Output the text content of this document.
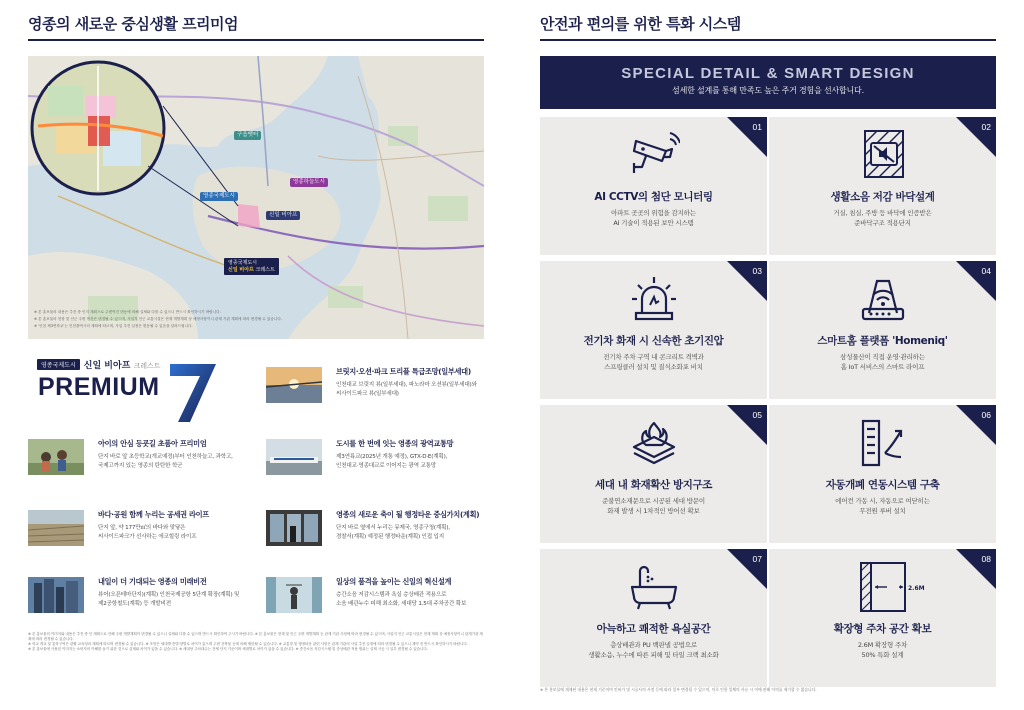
영종의 새로운 중심생활 프리미엄
구읍뱃터
영종하늘도시
영종국제도시
신일 비아프
영종국제도시
신일 비아프 크레스트
※ 본 홍보물의 내용은 추진 중 인지 계획으로 주변여건 변동에 의해 실제와 다를 수 있으니 반드시 확인하시기 바랍니다.
※ 본 홍보물의 현장 및 인근 주변 여건은 변경될 수 있으며, 사업지 인근 교통시설은 현재 개발계획 상 예정사항이니 관계 기관 계획에 따라 변경될 수 있습니다.
※ '인천 제3연륙교'는 인천광역시의 계획에 따르며, 사업 추진 일정은 변동될 수 있음을 알려드립니다.
영종국제도시 신일 비아프 크레스트
PREMIUM
브릿지·오션·파크 트리플 특급조망(일부세대)
인천대교 브릿지 뷰(일부세대), 파노라마 오션뷰(일부세대)와
씨사이드파크 뷰(일부세대)
아이의 안심 등굣길 초품아 프리미엄
단지 바로 앞 초등학교(개교예정)부터 인천하늘고, 과학고,
국제고까지 있는 영종의 탄탄한 학군
도시를 한 번에 잇는 영종의 광역교통망
제3연륙교(2025년 개통 예정), GTX-D·E(계획),
인천대교·영종대교로 이어지는 광역 교통망
바다·공원 함께 누리는 공세권 라이프
단지 앞, 약 177만㎡의 바다와 맞닿은
씨사이드파크가 선사하는 에코힐링 라이프
영종의 새로운 축이 될 행정타운 중심가치(계획)
단지 바로 옆에서 누리는 뮤제국, 영종구청(계획),
경찰서(계획) 예정된 행정타운(계획) 인접 입지
내일이 더 기대되는 영종의 미래비전
뷰어(오픈테마단지)(계획) 인천국제공항 5단계 확장(계획) 및
제2공항철도(계획) 등 개발비전
일상의 품격을 높이는 신일의 혁신설계
층간소음 저감시스템과 욕실 층상배관 적용으로
소음 배관누수 피해 최소화, 세대당 1.5대 주차공간 확보
※ 본 홍보물의 이미지와 내용은 추진 중 인 계획으로 인해 주변 개발계획이 변경될 수 있으니 실제와 다를 수 있으며 반드시 확인하여 주시기 바랍니다. ※ 본 홍보물은 현재 및 인근 주변 개발계획 등 관계 기관 사정에 따라 변경될 수 있으며, 사업지 인근 교통시설은 현재 계획 상 예정사항이니 관계기관 계획에 따라 변경될 수 있습니다.
※ 학교 개교 및 통학구역은 관할 교육청의 계획에 따르며 변경될 수 있습니다. ※ 조망은 세대별·층별·향별로 차이가 있으며 주변 건축물 등에 의해 제한될 수 있습니다. ※ 교통망 및 행정타운 관련 사항은 관계 기관의 사업 추진 일정에 따라 변경될 수 있으니 계약 전 반드시 확인하시기 바랍니다.
※ 본 홍보물에 사용된 이미지는 소비자의 이해를 돕기 위한 것으로 실제와 차이가 있을 수 있습니다. ※ 세대당 주차대수는 전체 단지 기준이며 세대별로 차이가 있을 수 있습니다. ※ 층간소음 저감시스템 및 층상배관 적용 범위는 실제 시공 시 일부 변경될 수 있습니다.
안전과 편의를 위한 특화 시스템
SPECIAL DETAIL & SMART DESIGN
섬세한 설계를 통해 만족도 높은 주거 경험을 선사합니다.
01
AI CCTV의 첨단 모니터링
아파트 곳곳의 위험을 감지하는
AI 기술이 적용된 보안 시스템
02
생활소음 저감 바닥설계
거실, 침실, 주방 등 바닥에 인증받은
준바닥구조 적용단지
03
전기차 화재 시 신속한 초기진압
전기차 주차 구역 내 콘크리트 격벽과
스프링클러 설치 및 질식소화포 비치
04
스마트홈 플랫폼 'Homeniq'
삼성물산이 직접 운영·관리하는
홈 IoT 서비스의 스마트 라이프
05
세대 내 화재확산 방지구조
준불연소재문으로 시공된 세대 방문이
화재 발생 시 1차적인 방어선 확보
06
자동개폐 연동시스템 구축
에어컨 가동 시, 자동으로 여닫히는
무전원 루버 설치
07
아늑하고 쾌적한 욕실공간
층상배관과 PU 백판넬 공법으로
생활소음, 누수에 따른 피해 및 타일 크랙 최소화
08
2.6M
확장형 주차 공간 확보
2.6M 확장형 주차
50% 특화 설계
※ 본 홍보물에 게재된 내용은 현재 기준이며 인허가 및 시공사의 사정 등에 따라 일부 변경될 수 있으며, 이로 인한 일체의 사유 시 이에 관해 이의를 제기할 수 없습니다.
